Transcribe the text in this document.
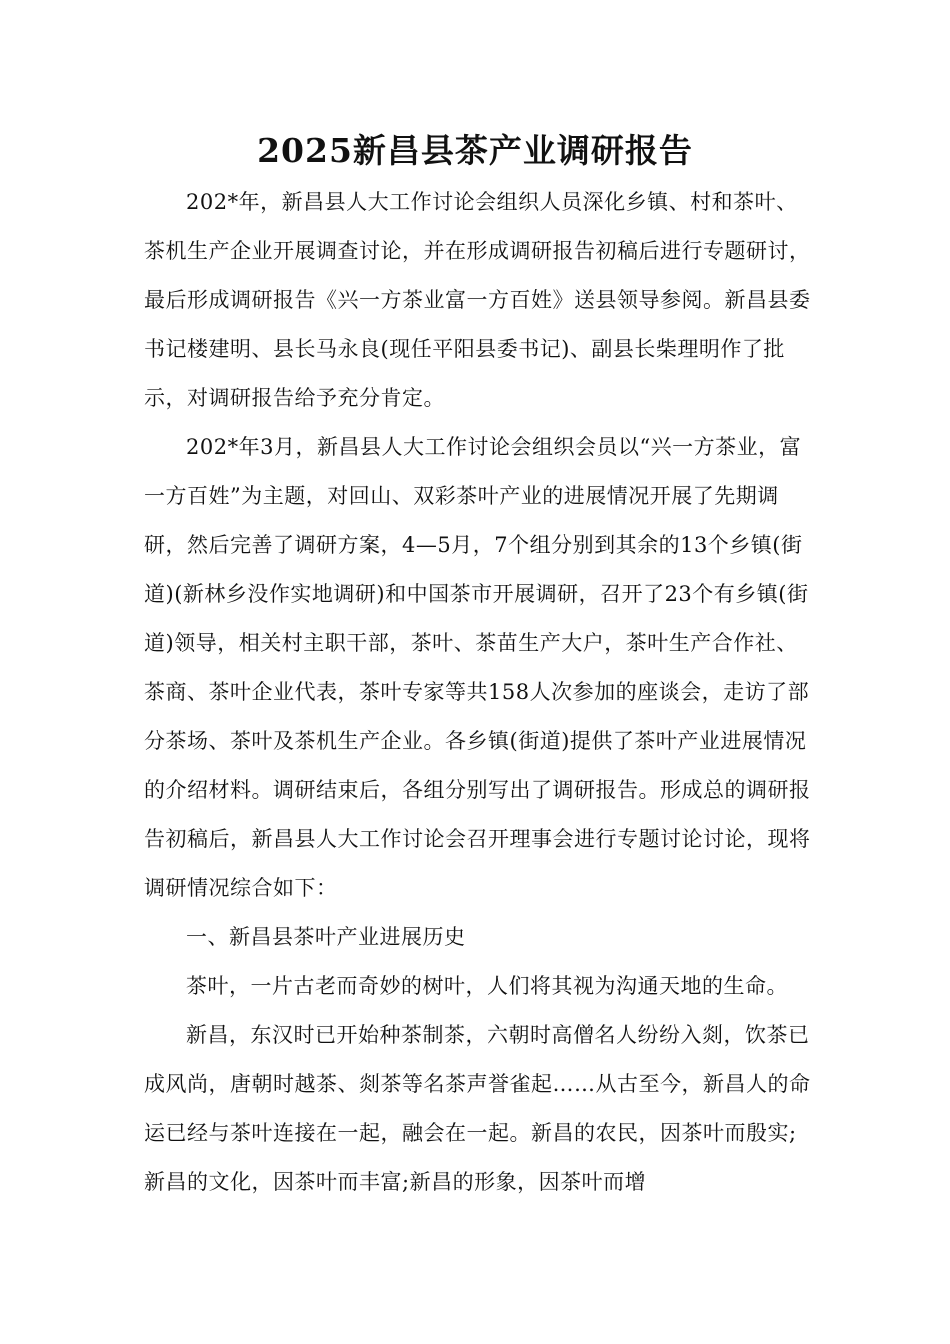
2025新昌县茶产业调研报告

202*年，新昌县人大工作讨论会组织人员深化乡镇、村和茶叶、茶机生产企业开展调查讨论，并在形成调研报告初稿后进行专题研讨，最后形成调研报告《兴一方茶业富一方百姓》送县领导参阅。新昌县委书记楼建明、县长马永良(现任平阳县委书记)、副县长柴理明作了批示，对调研报告给予充分肯定。

202*年3月，新昌县人大工作讨论会组织会员以“兴一方茶业，富一方百姓”为主题，对回山、双彩茶叶产业的进展情况开展了先期调研，然后完善了调研方案，4—5月，7个组分别到其余的13个乡镇(街道)(新林乡没作实地调研)和中国茶市开展调研，召开了23个有乡镇(街道)领导，相关村主职干部，茶叶、茶苗生产大户，茶叶生产合作社、茶商、茶叶企业代表，茶叶专家等共158人次参加的座谈会，走访了部分茶场、茶叶及茶机生产企业。各乡镇(街道)提供了茶叶产业进展情况的介绍材料。调研结束后，各组分别写出了调研报告。形成总的调研报告初稿后，新昌县人大工作讨论会召开理事会进行专题讨论讨论，现将调研情况综合如下：

一、新昌县茶叶产业进展历史

茶叶，一片古老而奇妙的树叶，人们将其视为沟通天地的生命。

新昌，东汉时已开始种茶制茶，六朝时高僧名人纷纷入剡，饮茶已成风尚，唐朝时越茶、剡茶等名茶声誉雀起……从古至今，新昌人的命运已经与茶叶连接在一起，融会在一起。新昌的农民，因茶叶而殷实;新昌的文化，因茶叶而丰富;新昌的形象，因茶叶而增
